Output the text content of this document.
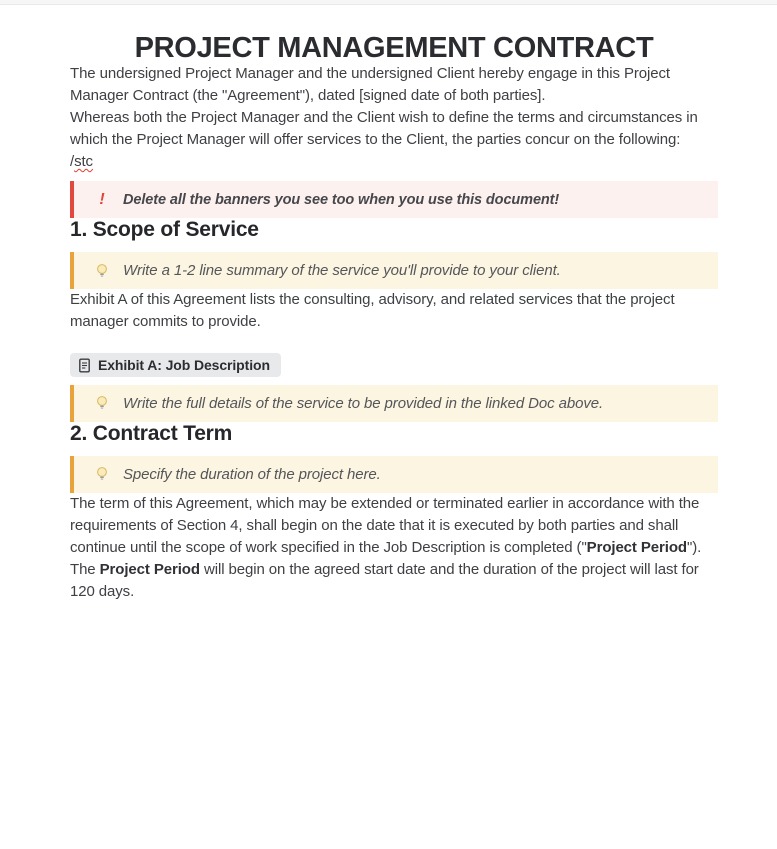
PROJECT MANAGEMENT CONTRACT

The undersigned Project Manager and the undersigned Client hereby engage in this Project Manager Contract (the "Agreement"), dated [signed date of both parties].

Whereas both the Project Manager and the Client wish to define the terms and circumstances in which the Project Manager will offer services to the Client, the parties concur on the following:
/stc

! Delete all the banners you see too when you use this document!
1. Scope of Service
Write a 1-2 line summary of the service you'll provide to your client.

Exhibit A of this Agreement lists the consulting, advisory, and related services that the project manager commits to provide.

Exhibit A: Job Description
Write the full details of the service to be provided in the linked Doc above.
2. Contract Term
Specify the duration of the project here.

The term of this Agreement, which may be extended or terminated earlier in accordance with the requirements of Section 4, shall begin on the date that it is executed by both parties and shall continue until the scope of work specified in the Job Description is completed ("Project Period").

The Project Period will begin on the agreed start date and the duration of the project will last for 120 days.
